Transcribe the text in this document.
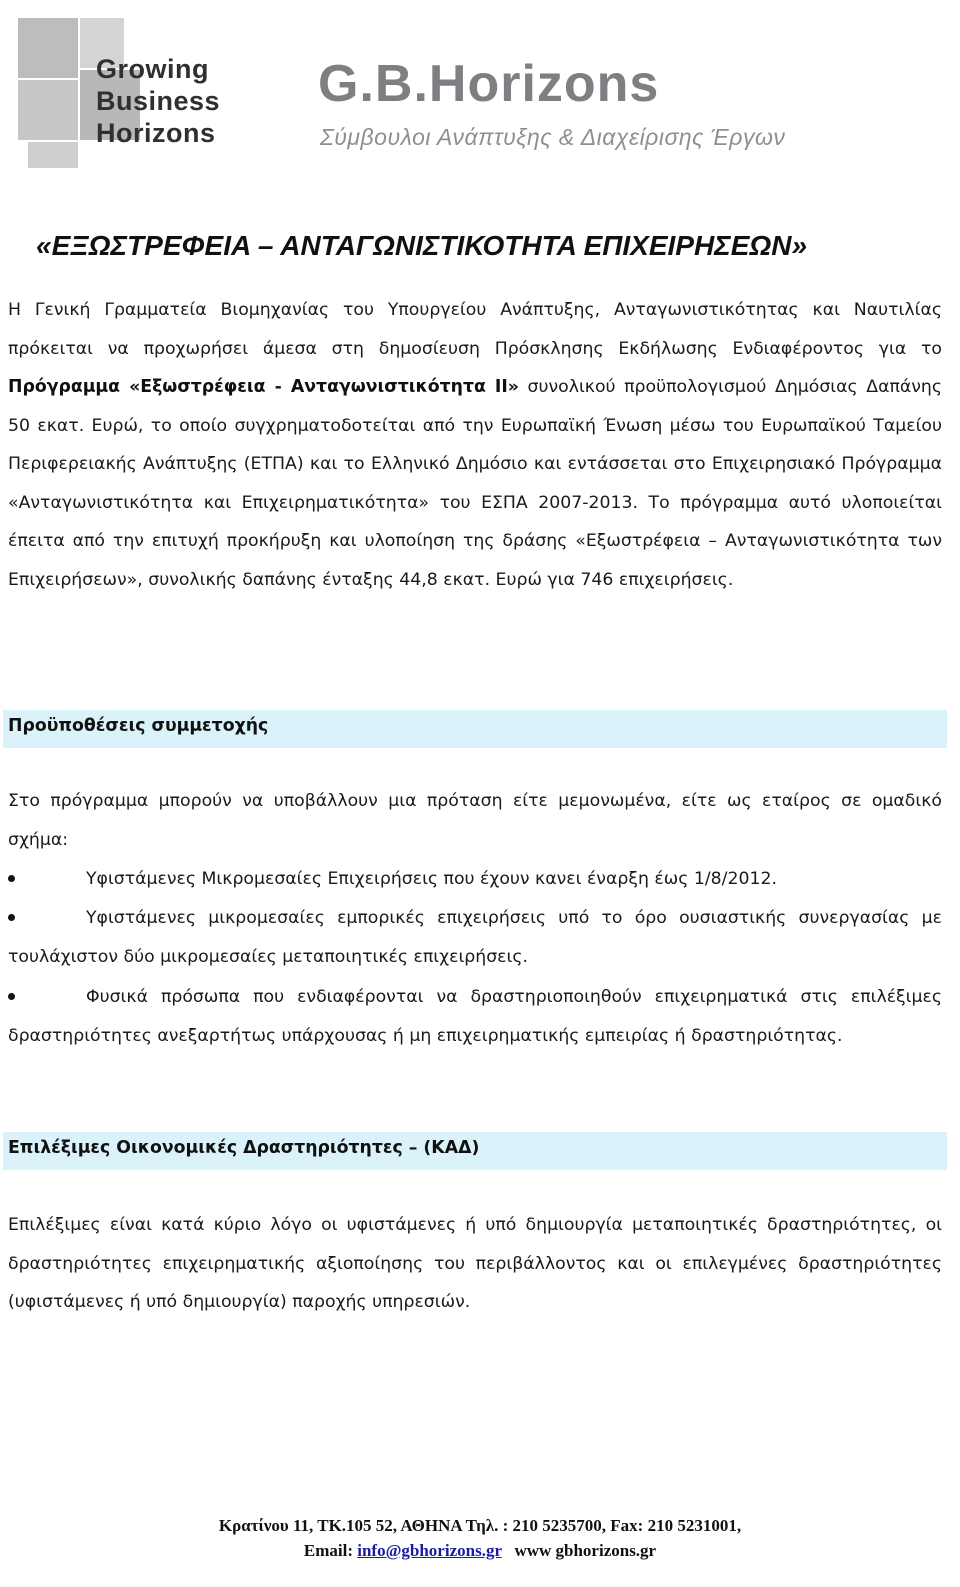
Growing
Business
Horizons
G.B.Horizons
Σύμβουλοι Ανάπτυξης & Διαχείρισης Έργων
«ΕΞΩΣΤΡΕΦΕΙΑ – ΑΝΤΑΓΩΝΙΣΤΙΚΟΤΗΤΑ ΕΠΙΧΕΙΡΗΣΕΩΝ»

Η Γενική Γραμματεία Βιομηχανίας του Υπουργείου Ανάπτυξης, Ανταγωνιστικότητας και Ναυτιλίας πρόκειται να προχωρήσει άμεσα στη δημοσίευση Πρόσκλησης Εκδήλωσης Ενδιαφέροντος για το Πρόγραμμα «Εξωστρέφεια - Ανταγωνιστικότητα ΙΙ» συνολικού προϋπολογισμού Δημόσιας Δαπάνης 50 εκατ. Ευρώ, το οποίο συγχρηματοδοτείται από την Ευρωπαϊκή Ένωση μέσω του Ευρωπαϊκού Ταμείου Περιφερειακής Ανάπτυξης (ΕΤΠΑ) και το Ελληνικό Δημόσιο και εντάσσεται στο Επιχειρησιακό Πρόγραμμα «Ανταγωνιστικότητα και Επιχειρηματικότητα» του ΕΣΠΑ 2007-2013. Το πρόγραμμα αυτό υλοποιείται έπειτα από την επιτυχή προκήρυξη και υλοποίηση της δράσης «Εξωστρέφεια – Ανταγωνιστικότητα των Επιχειρήσεων», συνολικής δαπάνης ένταξης 44,8 εκατ. Ευρώ για 746 επιχειρήσεις.

Προϋποθέσεις συμμετοχής

Στο πρόγραμμα μπορούν να υποβάλλουν μια πρόταση είτε μεμονωμένα, είτε ως εταίρος σε ομαδικό σχήμα:

Υφιστάμενες Μικρομεσαίες Επιχειρήσεις που έχουν κανει έναρξη έως 1/8/2012.

Υφιστάμενες μικρομεσαίες εμπορικές επιχειρήσεις υπό το όρο ουσιαστικής συνεργασίας με τουλάχιστον δύο μικρομεσαίες μεταποιητικές επιχειρήσεις.

Φυσικά πρόσωπα που ενδιαφέρονται να δραστηριοποιηθούν επιχειρηματικά στις επιλέξιμες δραστηριότητες ανεξαρτήτως υπάρχουσας ή μη επιχειρηματικής εμπειρίας ή δραστηριότητας.

Επιλέξιμες Οικονομικές Δραστηριότητες – (ΚΑΔ)

Επιλέξιμες είναι κατά κύριο λόγο οι υφιστάμενες ή υπό δημιουργία μεταποιητικές δραστηριότητες, οι δραστηριότητες επιχειρηματικής αξιοποίησης του περιβάλλοντος και οι επιλεγμένες δραστηριότητες (υφιστάμενες ή υπό δημιουργία) παροχής υπηρεσιών.

Κρατίνου 11, ΤΚ.105 52, ΑΘΗΝΑ Τηλ. : 210 5235700, Fax: 210 5231001,
Email: info@gbhorizons.gr www gbhorizons.gr
